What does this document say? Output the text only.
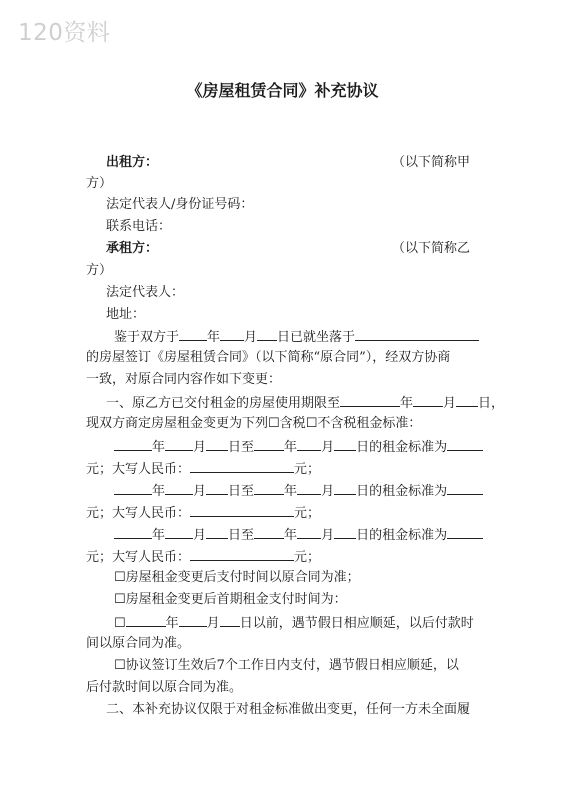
120资料
《房屋租赁合同》补充协议
出租方：	（以下简称甲
方）
法定代表人/身份证号码：
联系电话：
承租方：	（以下简称乙
方）
法定代表人：
地址：
鉴于双方于 年 月 日已就坐落于
的房屋签订《房屋租赁合同》（以下简称“原合同”），经双方协商
一致，对原合同内容作如下变更：
一、原乙方已交付租金的房屋使用期限至	年 月 日，
现双方商定房屋租金变更为下列☐含税☐不含税租金标准：
年 月 日至 年 月 日的租金标准为
元；大写人民币：	元；
年 月 日至 年 月 日的租金标准为
元；大写人民币：	元；
年 月 日至 年 月 日的租金标准为
元；大写人民币：	元；
☐房屋租金变更后支付时间以原合同为准；
☐房屋租金变更后首期租金支付时间为：
☐	年 月 日以前，遇节假日相应顺延，以后付款时
间以原合同为准。
☐协议签订生效后7个工作日内支付，遇节假日相应顺延，以
后付款时间以原合同为准。
二、本补充协议仅限于对租金标准做出变更，任何一方未全面履
